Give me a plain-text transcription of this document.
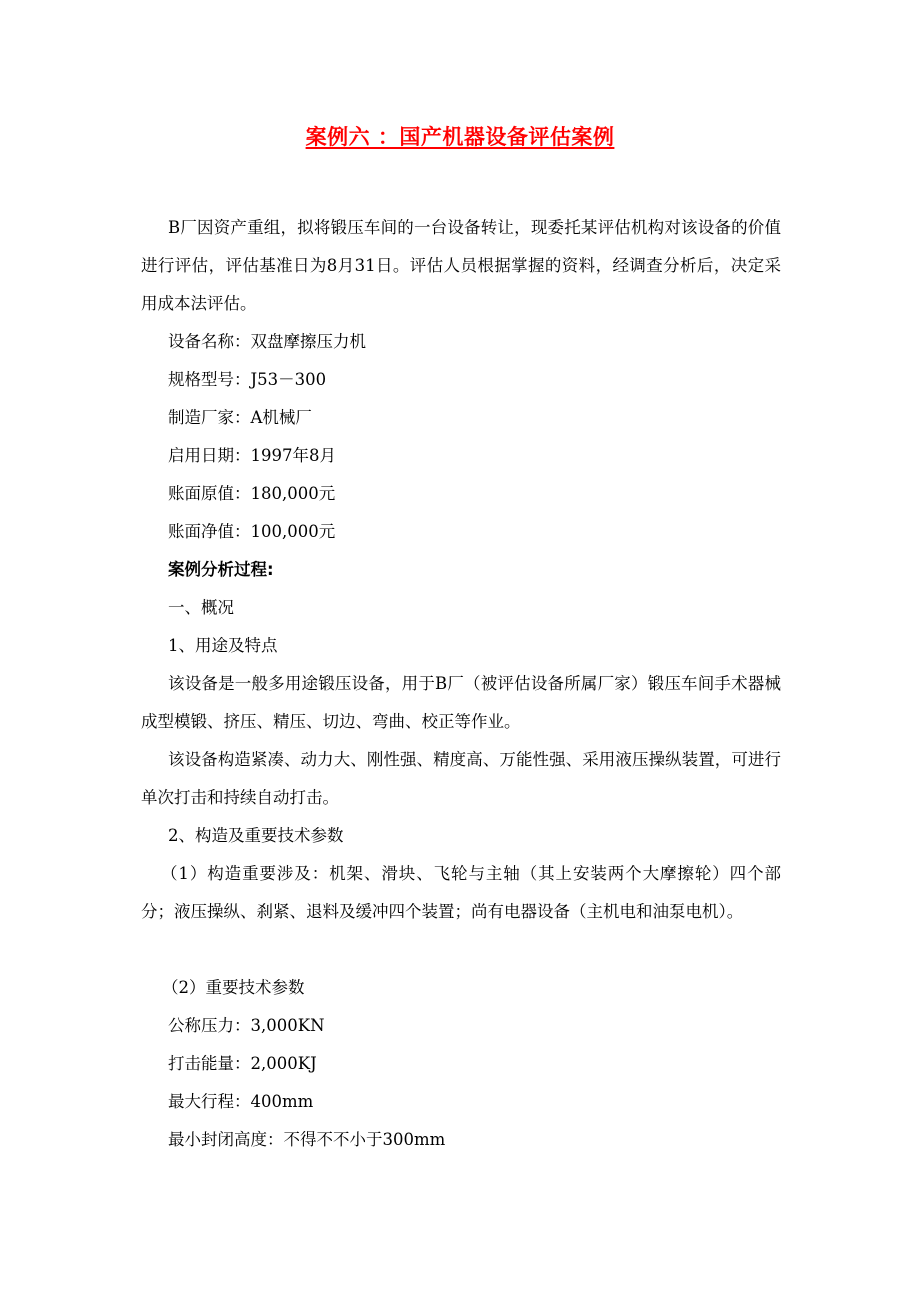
案例六 ：国产机器设备评估案例

B厂因资产重组，拟将锻压车间的一台设备转让，现委托某评估机构对该设备的价值进行评估，评估基准日为8月31日。评估人员根据掌握的资料，经调查分析后，决定采用成本法评估。

设备名称：双盘摩擦压力机
规格型号：J53－300
制造厂家：A机械厂
启用日期：1997年8月
账面原值：180,000元
账面净值：100,000元
案例分析过程:
一、概况
1、用途及特点

该设备是一般多用途锻压设备，用于B厂（被评估设备所属厂家）锻压车间手术器械成型模锻、挤压、精压、切边、弯曲、校正等作业。

该设备构造紧凑、动力大、刚性强、精度高、万能性强、采用液压操纵装置，可进行单次打击和持续自动打击。

2、构造及重要技术参数

（1）构造重要涉及：机架、滑块、飞轮与主轴（其上安装两个大摩擦轮）四个部分；液压操纵、刹紧、退料及缓冲四个装置；尚有电器设备（主机电和油泵电机）。

（2）重要技术参数
公称压力：3,000KN
打击能量：2,000KJ
最大行程：400mm
最小封闭高度：不得不不小于300mm
